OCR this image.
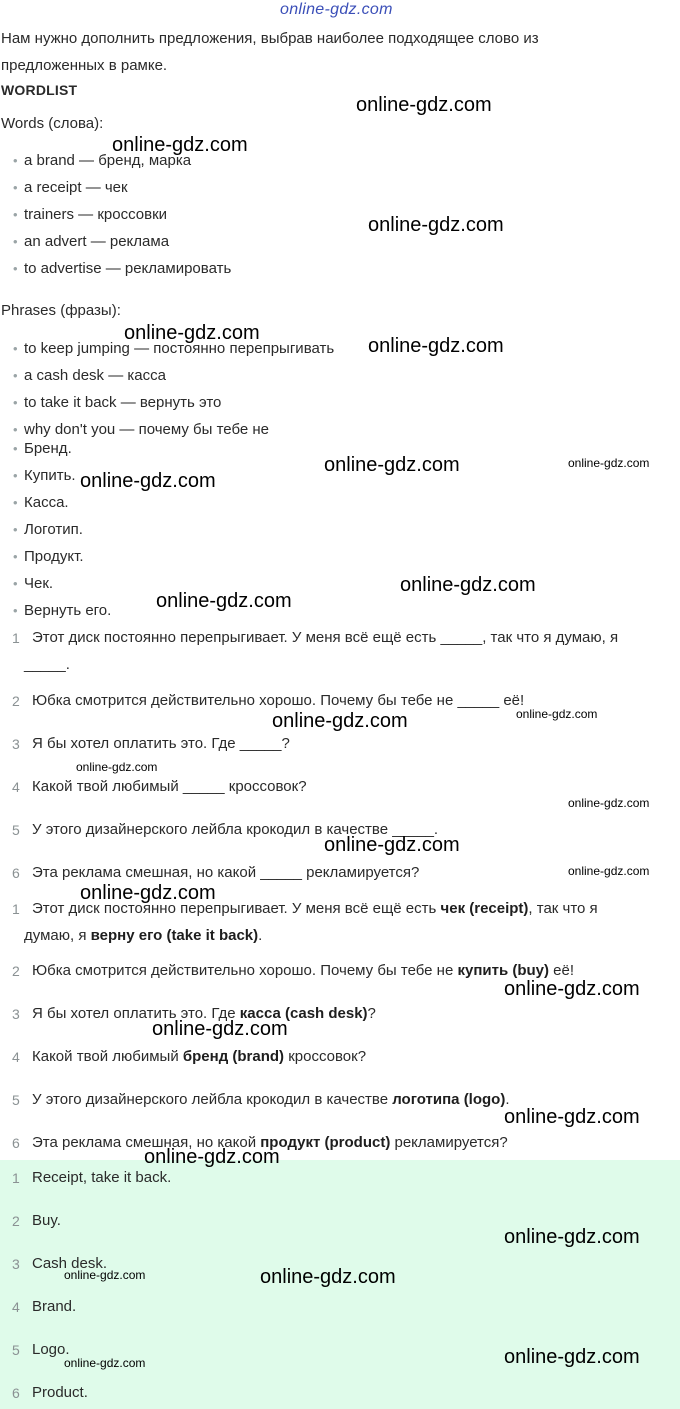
online-gdz.com
Нам нужно дополнить предложения, выбрав наиболее подходящее слово из
предложенных в рамке.
WORDLIST
Words (слова):
• a brand — бренд, марка
• a receipt — чек
• trainers — кроссовки
• an advert — реклама
• to advertise — рекламировать
Phrases (фразы):
• to keep jumping — постоянно перепрыгивать
• a cash desk — касса
• to take it back — вернуть это
• why don't you — почему бы тебе не
• Бренд.
• Купить.
• Касса.
• Логотип.
• Продукт.
• Чек.
• Вернуть его.
1 Этот диск постоянно перепрыгивает. У меня всё ещё есть _____, так что я думаю, я
_____.
2 Юбка смотрится действительно хорошо. Почему бы тебе не _____ её!
3 Я бы хотел оплатить это. Где _____?
4 Какой твой любимый _____ кроссовок?
5 У этого дизайнерского лейбла крокодил в качестве _____.
6 Эта реклама смешная, но какой _____ рекламируется?
1 Этот диск постоянно перепрыгивает. У меня всё ещё есть чек (receipt), так что я
думаю, я верну его (take it back).
2 Юбка смотрится действительно хорошо. Почему бы тебе не купить (buy) её!
3 Я бы хотел оплатить это. Где касса (cash desk)?
4 Какой твой любимый бренд (brand) кроссовок?
5 У этого дизайнерского лейбла крокодил в качестве логотипа (logo).
6 Эта реклама смешная, но какой продукт (product) рекламируется?
1 Receipt, take it back.
2 Buy.
3 Cash desk.
4 Brand.
5 Logo.
6 Product.
online-gdz.com
online-gdz.com
online-gdz.com
online-gdz.com
online-gdz.com
online-gdz.com	online-gdz.com
online-gdz.com
online-gdz.com
online-gdz.com
online-gdz.com
online-gdz.com
online-gdz.com
online-gdz.com
online-gdz.com
online-gdz.com
online-gdz.com
online-gdz.com
online-gdz.com
online-gdz.com
online-gdz.com
online-gdz.com
online-gdz.com
online-gdz.com
online-gdz.com
online-gdz.com
